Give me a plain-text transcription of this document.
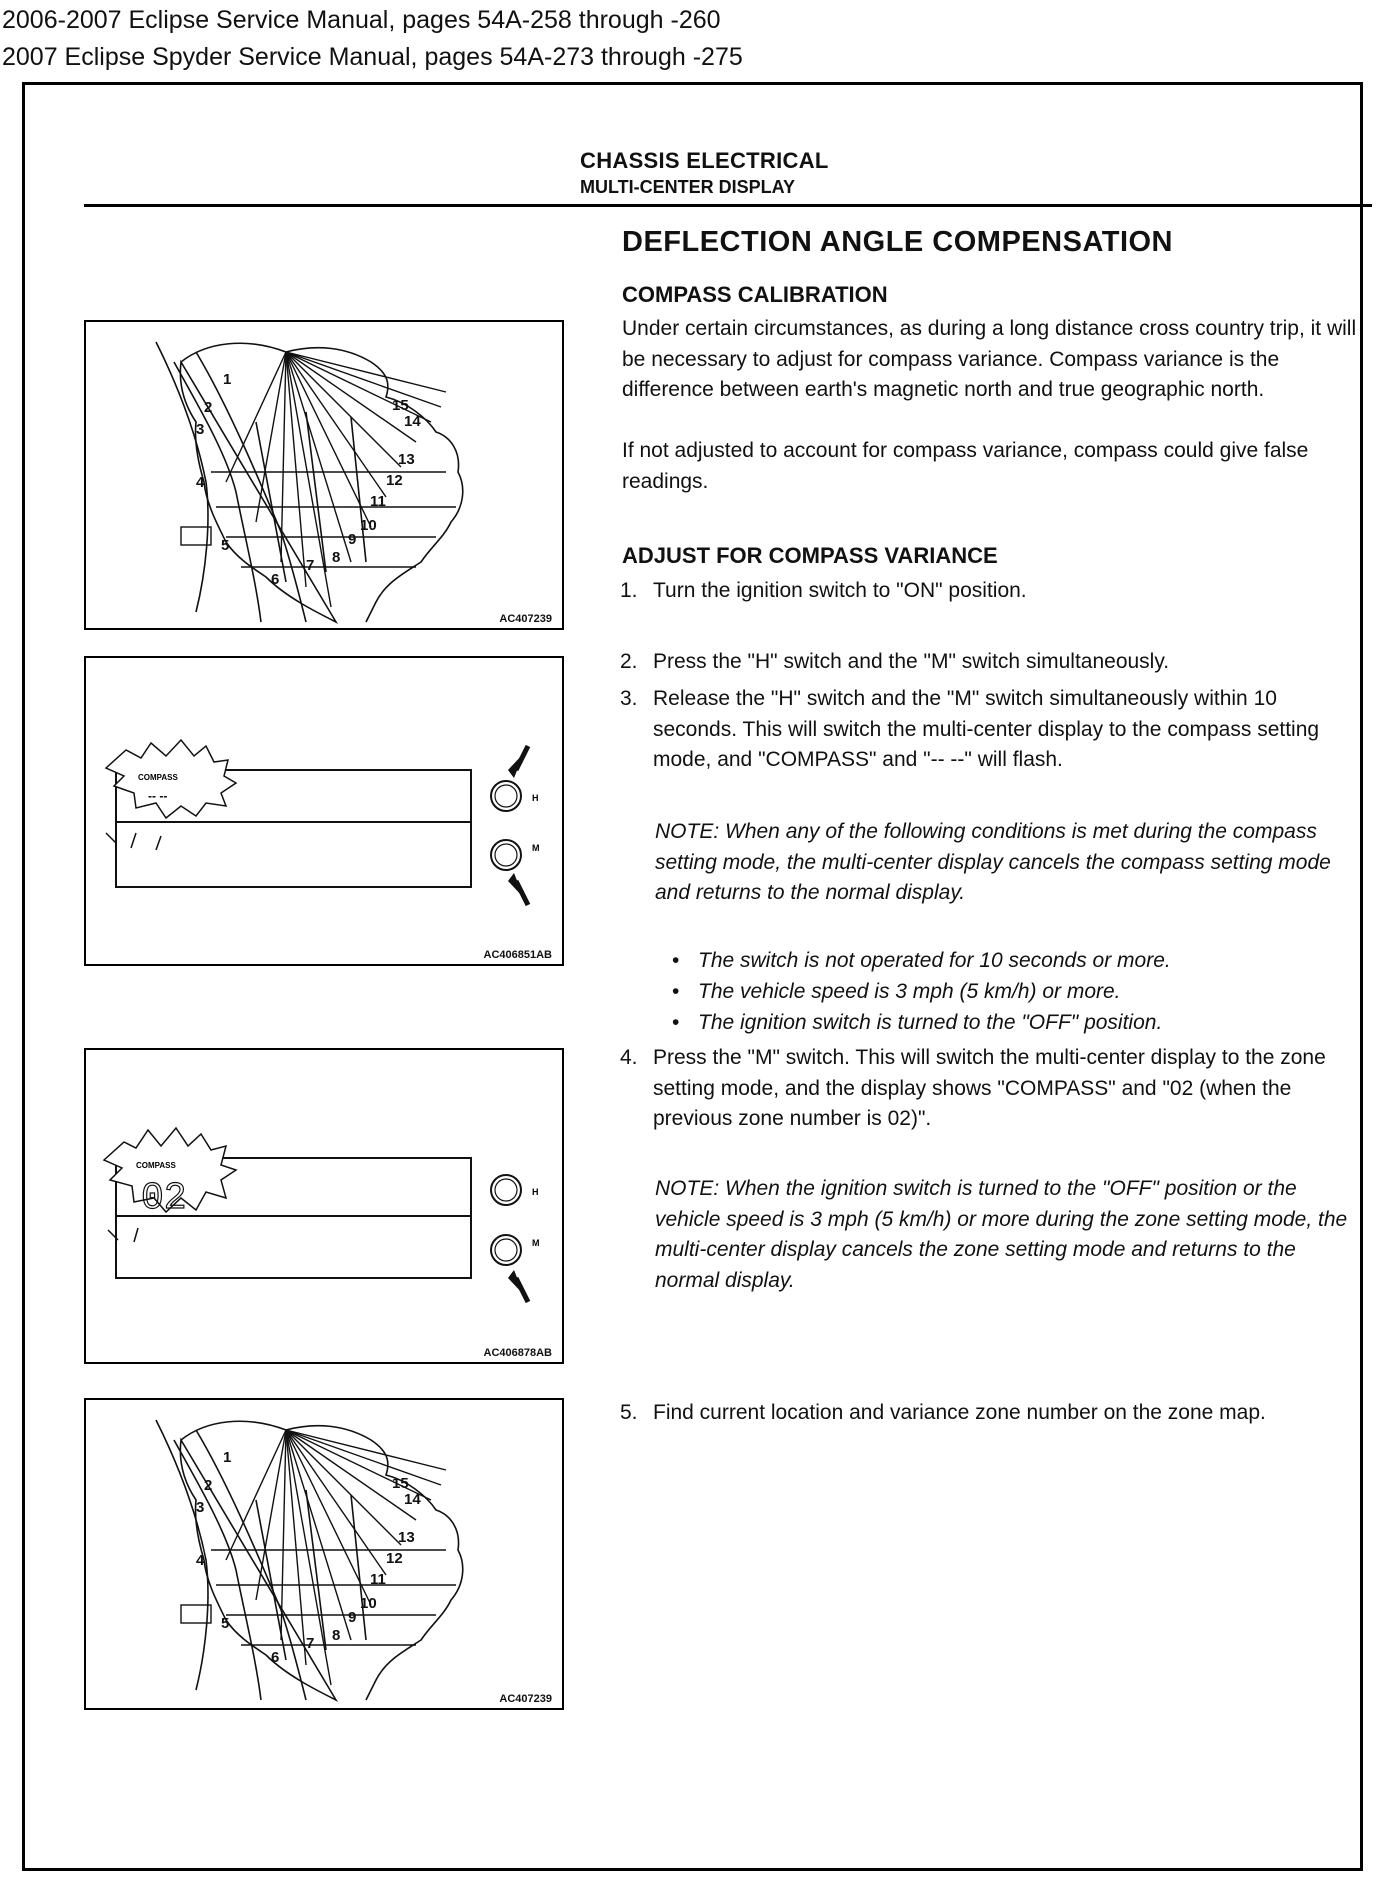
2006-2007 Eclipse Service Manual, pages 54A-258 through -260
2007 Eclipse Spyder Service Manual, pages 54A-273 through -275
CHASSIS ELECTRICAL
MULTI-CENTER DISPLAY
DEFLECTION ANGLE COMPENSATION
COMPASS CALIBRATION
Under certain circumstances, as during a long distance cross country trip, it will be necessary to adjust for compass variance. Compass variance is the difference between earth's magnetic north and true geographic north.
If not adjusted to account for compass variance, compass could give false readings.
ADJUST FOR COMPASS VARIANCE
1. Turn the ignition switch to "ON" position.
2. Press the "H" switch and the "M" switch simultaneously.
3. Release the "H" switch and the "M" switch simultaneously within 10 seconds. This will switch the multi-center display to the compass setting mode, and "COMPASS" and "-- --" will flash.
NOTE: When any of the following conditions is met during the compass setting mode, the multi-center display cancels the compass setting mode and returns to the normal display.
• The switch is not operated for 10 seconds or more.
• The vehicle speed is 3 mph (5 km/h) or more.
• The ignition switch is turned to the "OFF" position.
4. Press the "M" switch. This will switch the multi-center display to the zone setting mode, and the display shows "COMPASS" and "02 (when the previous zone number is 02)".
NOTE: When the ignition switch is turned to the "OFF" position or the vehicle speed is 3 mph (5 km/h) or more during the zone setting mode, the multi-center display cancels the zone setting mode and returns to the normal display.
5. Find current location and variance zone number on the zone map.
1
2
3
4
5
6
7 8
9
10
11
12
13
14
15
AC407239
COMPASS
-- --	H
M
AC406851AB
COMPASS
02	H
M
AC406878AB
1
2
3
4
5
6
7 8
9
10
11
12
13
14
15
AC407239
